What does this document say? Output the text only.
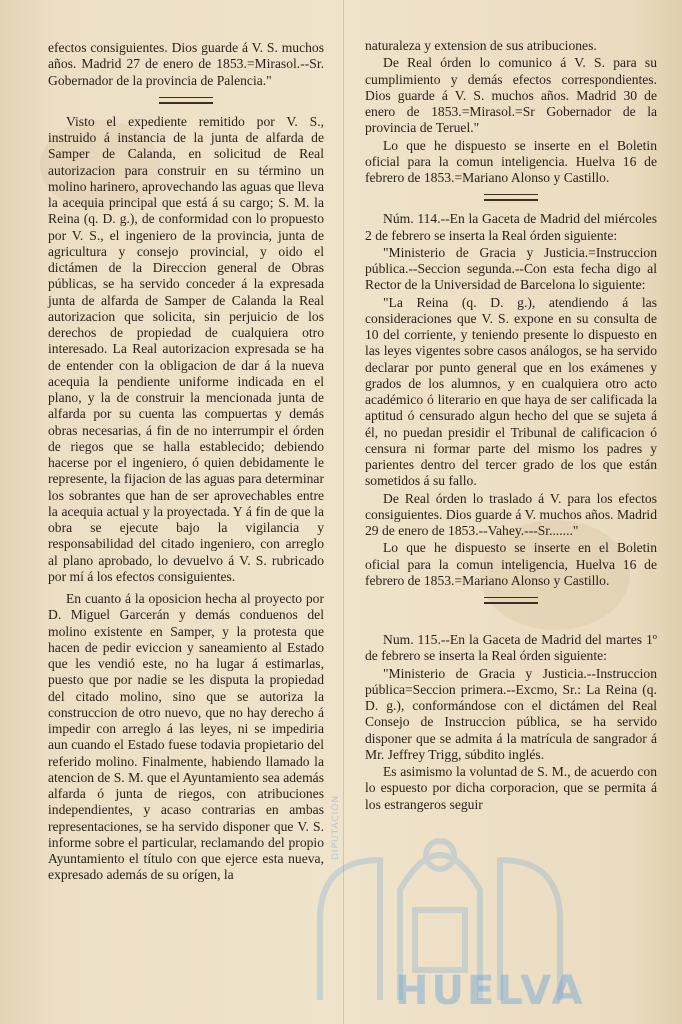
DIPUTACIÓN
HUELVA

efectos consiguientes. Dios guarde á V. S. muchos años. Madrid 27 de enero de 1853.=Mirasol.--Sr. Gobernador de la provincia de Palencia."

Visto el expediente remitido por V. S., instruido á instancia de la junta de alfarda de Samper de Calanda, en solicitud de Real autorizacion para construir en su término un molino harinero, aprovechando las aguas que lleva la acequia principal que está á su cargo; S. M. la Reina (q. D. g.), de conformidad con lo propuesto por V. S., el ingeniero de la provincia, junta de agricultura y consejo provincial, y oido el dictámen de la Direccion general de Obras públicas, se ha servido conceder á la expresada junta de alfarda de Samper de Calanda la Real autorizacion que solicita, sin perjuicio de los derechos de propiedad de cualquiera otro interesado. La Real autorizacion expresada se ha de entender con la obligacion de dar á la nueva acequia la pendiente uniforme indicada en el plano, y la de construir la mencionada junta de alfarda por su cuenta las compuertas y demás obras necesarias, á fin de no interrumpir el órden de riegos que se halla establecido; debiendo hacerse por el ingeniero, ó quien debidamente le represente, la fijacion de las aguas para determinar los sobrantes que han de ser aprovechables entre la acequia actual y la proyectada. Y á fin de que la obra se ejecute bajo la vigilancia y responsabilidad del citado ingeniero, con arreglo al plano aprobado, lo devuelvo á V. S. rubricado por mí á los efectos consiguientes.

En cuanto á la oposicion hecha al proyecto por D. Miguel Garcerán y demás conduenos del molino existente en Samper, y la protesta que hacen de pedir eviccion y saneamiento al Estado que les vendió este, no ha lugar á estimarlas, puesto que por nadie se les disputa la propiedad del citado molino, sino que se autoriza la construccion de otro nuevo, que no hay derecho á impedir con arreglo á las leyes, ni se impediria aun cuando el Estado fuese todavia propietario del referido molino. Finalmente, habiendo llamado la atencion de S. M. que el Ayuntamiento sea además alfarda ó junta de riegos, con atribuciones independientes, y acaso contrarias en ambas representaciones, se ha servido disponer que V. S. informe sobre el particular, reclamando del propio Ayuntamiento el título con que ejerce esta nueva, expresado además de su orígen, la

naturaleza y extension de sus atribuciones.

De Real órden lo comunico á V. S. para su cumplimiento y demás efectos correspondientes. Dios guarde á V. S. muchos años. Madrid 30 de enero de 1853.=Mirasol.=Sr Gobernador de la provincia de Teruel."

Lo que he dispuesto se inserte en el Boletin oficial para la comun inteligencia. Huelva 16 de febrero de 1853.=Mariano Alonso y Castillo.

Núm. 114.--En la Gaceta de Madrid del miércoles 2 de febrero se inserta la Real órden siguiente:

"Ministerio de Gracia y Justicia.=Instruccion pública.--Seccion segunda.--Con esta fecha digo al Rector de la Universidad de Barcelona lo siguiente:

"La Reina (q. D. g.), atendiendo á las consideraciones que V. S. expone en su consulta de 10 del corriente, y teniendo presente lo dispuesto en las leyes vigentes sobre casos análogos, se ha servido declarar por punto general que en los exámenes y grados de los alumnos, y en cualquiera otro acto académico ó literario en que haya de ser calificada la aptitud ó censurado algun hecho del que se sujeta á él, no puedan presidir el Tribunal de calificacion ó censura ni formar parte del mismo los padres y parientes dentro del tercer grado de los que están sometidos á su fallo.

De Real órden lo traslado á V. para los efectos consiguientes. Dios guarde á V. muchos años. Madrid 29 de enero de 1853.--Vahey.---Sr......."

Lo que he dispuesto se inserte en el Boletin oficial para la comun inteligencia, Huelva 16 de febrero de 1853.=Mariano Alonso y Castillo.

Num. 115.--En la Gaceta de Madrid del martes 1º de febrero se inserta la Real órden siguiente:

"Ministerio de Gracia y Justicia.--Instruccion pública=Seccion primera.--Excmo, Sr.: La Reina (q. D. g.), conformándose con el dictámen del Real Consejo de Instruccion pública, se ha servido disponer que se admita á la matrícula de sangrador á Mr. Jeffrey Trigg, súbdito inglés.

Es asimismo la voluntad de S. M., de acuerdo con lo espuesto por dicha corporacion, que se permita á los estrangeros seguir
